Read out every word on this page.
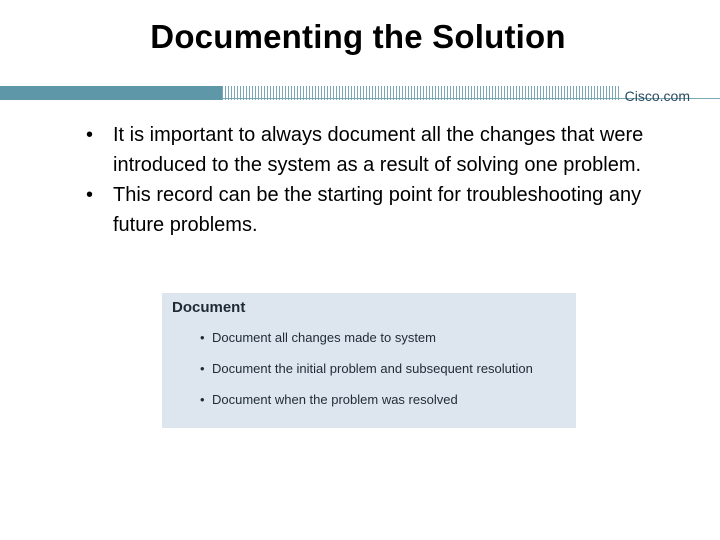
Documenting the Solution
Cisco.com
• It is important to always document all the changes that were introduced to the system as a result of solving one problem.
• This record can be the starting point for troubleshooting any future problems.
Document
• Document all changes made to system
• Document the initial problem and subsequent resolution
• Document when the problem was resolved
